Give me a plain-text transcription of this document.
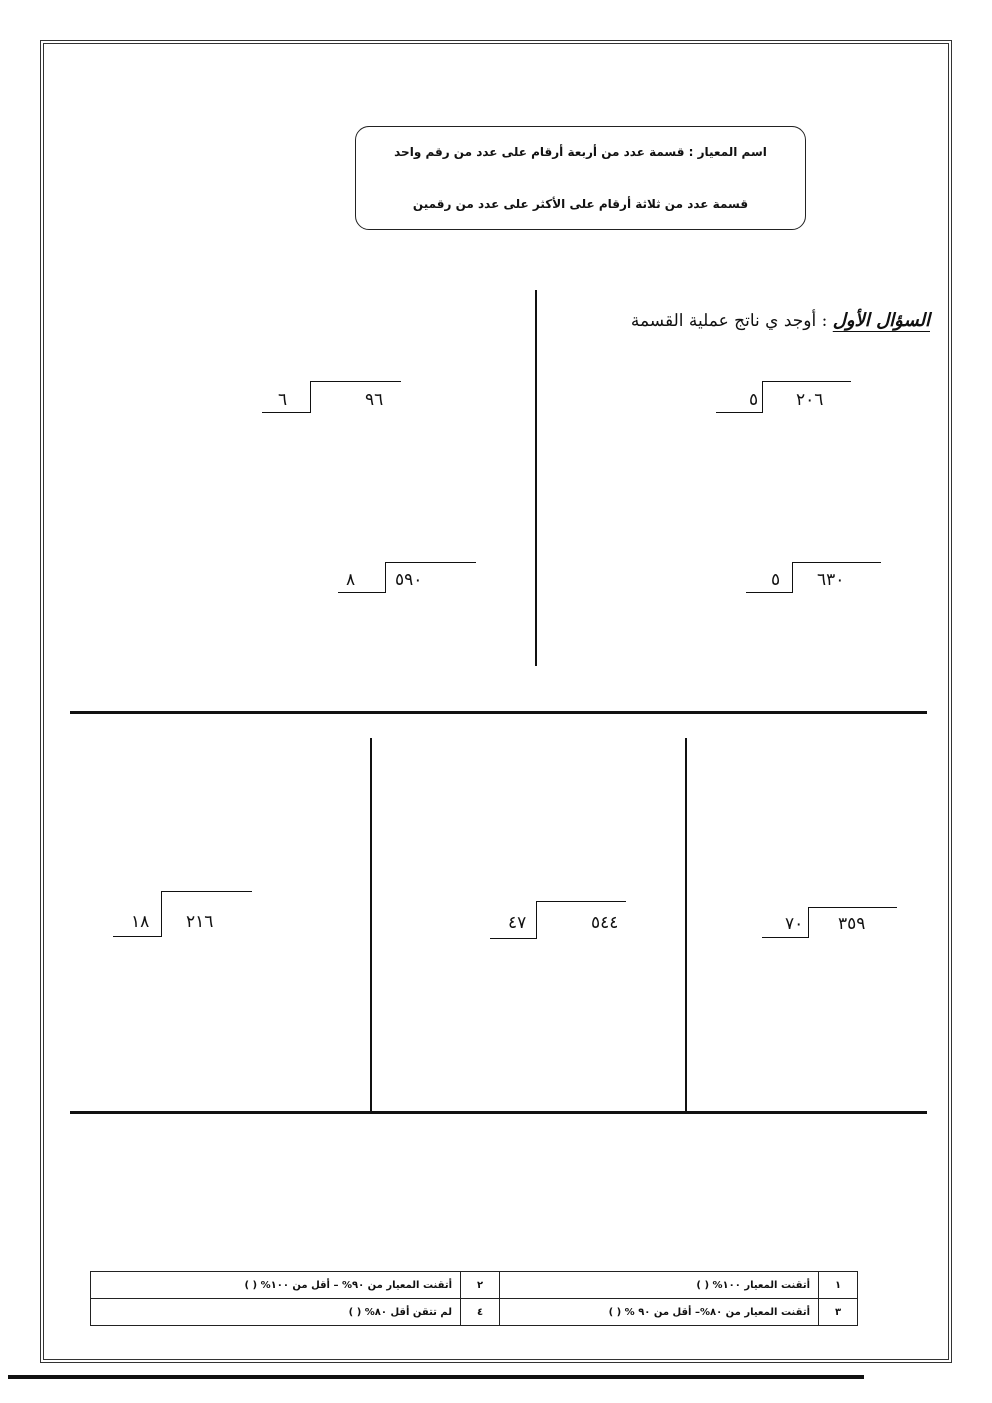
اسم المعيار : قسمة عدد من أربعة أرقام على عدد من رقم واحد
قسمة عدد من ثلاثة أرقام على الأكثر على عدد من رقمين
السؤال الأول : أوجد ي ناتج عملية القسمة
٢٠٦
٥
٩٦
٦
٦٣٠
٥
٥٩٠
٨
٣٥٩
٧٠
٥٤٤
٤٧
٢١٦
١٨
١	أتقنت المعيار ١٠٠% ( )	٢	أتقنت المعيار من ٩٠% – أقل من ١٠٠% ( )
٣	أتقنت المعيار من ٨٠%– أقل من ٩٠ % ( )	٤	لم تتقن أقل ٨٠% ( )
